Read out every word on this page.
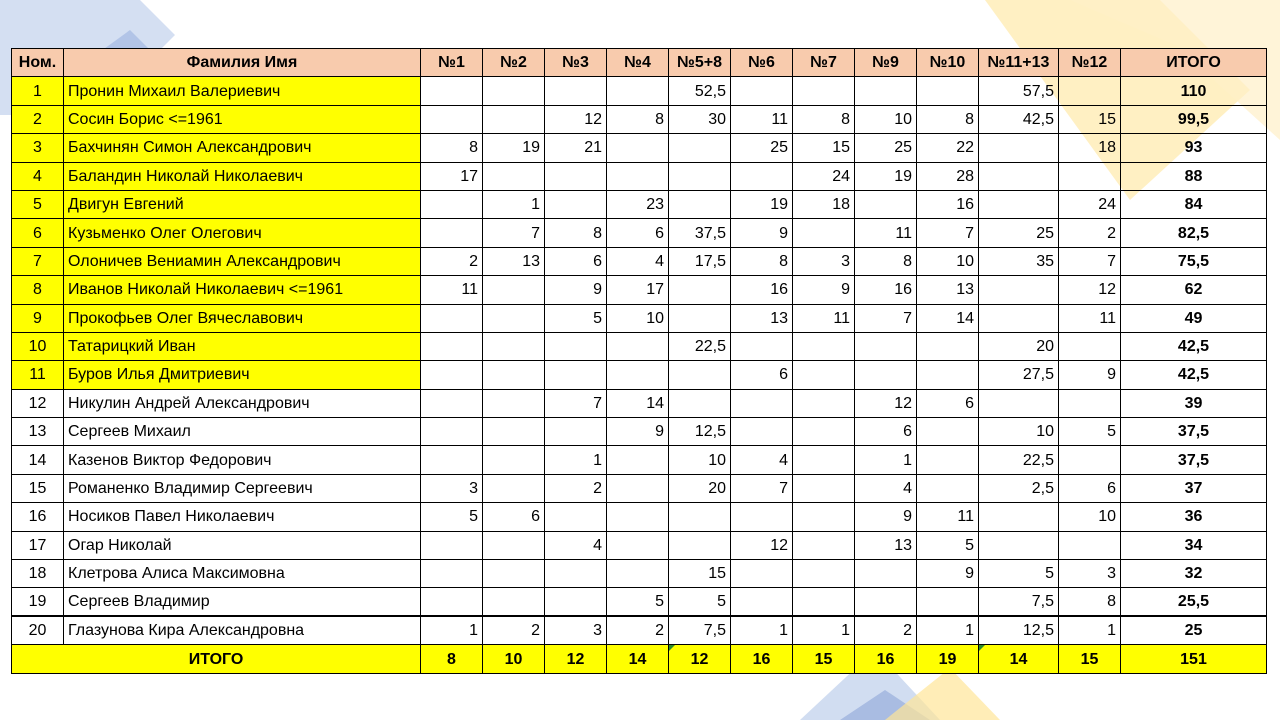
Ном.	Фамилия Имя	№1	№2	№3	№4	№5+8	№6	№7	№9	№10	№11+13	№12	ИТОГО
1	Пронин Михаил Валериевич					52,5					57,5		110
2	Сосин Борис <=1961			12	8	30	11	8	10	8	42,5	15	99,5
3	Бахчинян Симон Александрович	8	19	21			25	15	25	22		18	93
4	Баландин Николай Николаевич	17						24	19	28			88
5	Двигун Евгений		1		23		19	18		16		24	84
6	Кузьменко Олег Олегович		7	8	6	37,5	9		11	7	25	2	82,5
7	Олоничев Вениамин Александрович	2	13	6	4	17,5	8	3	8	10	35	7	75,5
8	Иванов Николай Николаевич <=1961	11		9	17		16	9	16	13		12	62
9	Прокофьев Олег Вячеславович			5	10		13	11	7	14		11	49
10	Татарицкий Иван					22,5					20		42,5
11	Буров Илья Дмитриевич						6				27,5	9	42,5
12	Никулин Андрей Александрович			7	14				12	6			39
13	Сергеев Михаил				9	12,5			6		10	5	37,5
14	Казенов Виктор Федорович			1		10	4		1		22,5		37,5
15	Романенко Владимир Сергеевич	3		2		20	7		4		2,5	6	37
16	Носиков Павел Николаевич	5	6						9	11		10	36
17	Огар Николай			4			12		13	5			34
18	Клетрова Алиса Максимовна					15				9	5	3	32
19	Сергеев Владимир				5	5					7,5	8	25,5
20	Глазунова Кира Александровна	1	2	3	2	7,5	1	1	2	1	12,5	1	25
ИТОГО		8	10	12	14	12	16	15	16	19	14	15	151
